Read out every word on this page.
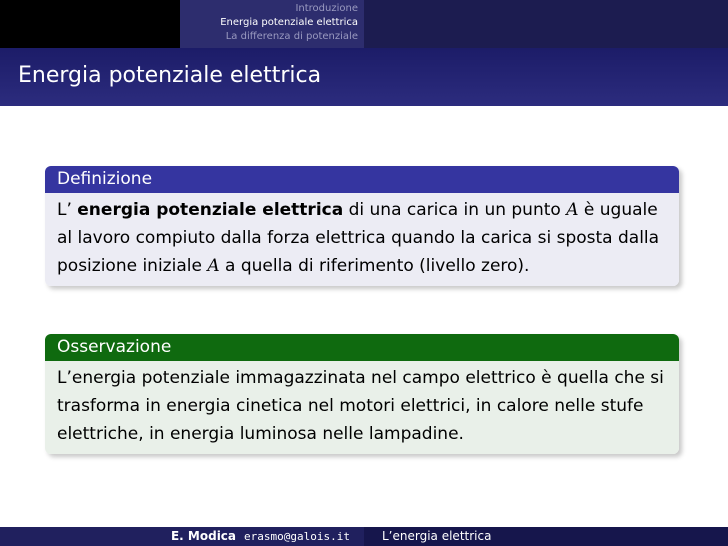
Introduzione
Energia potenziale elettrica
La differenza di potenziale
Energia potenziale elettrica
Definizione
L’ energia potenziale elettrica di una carica in un punto A è uguale al lavoro compiuto dalla forza elettrica quando la carica si sposta dalla posizione iniziale A a quella di riferimento (livello zero).
Osservazione
L’energia potenziale immagazzinata nel campo elettrico è quella che si trasforma in energia cinetica nel motori elettrici, in calore nelle stufe elettriche, in energia luminosa nelle lampadine.
E. Modica erasmo@galois.it	L’energia elettrica
